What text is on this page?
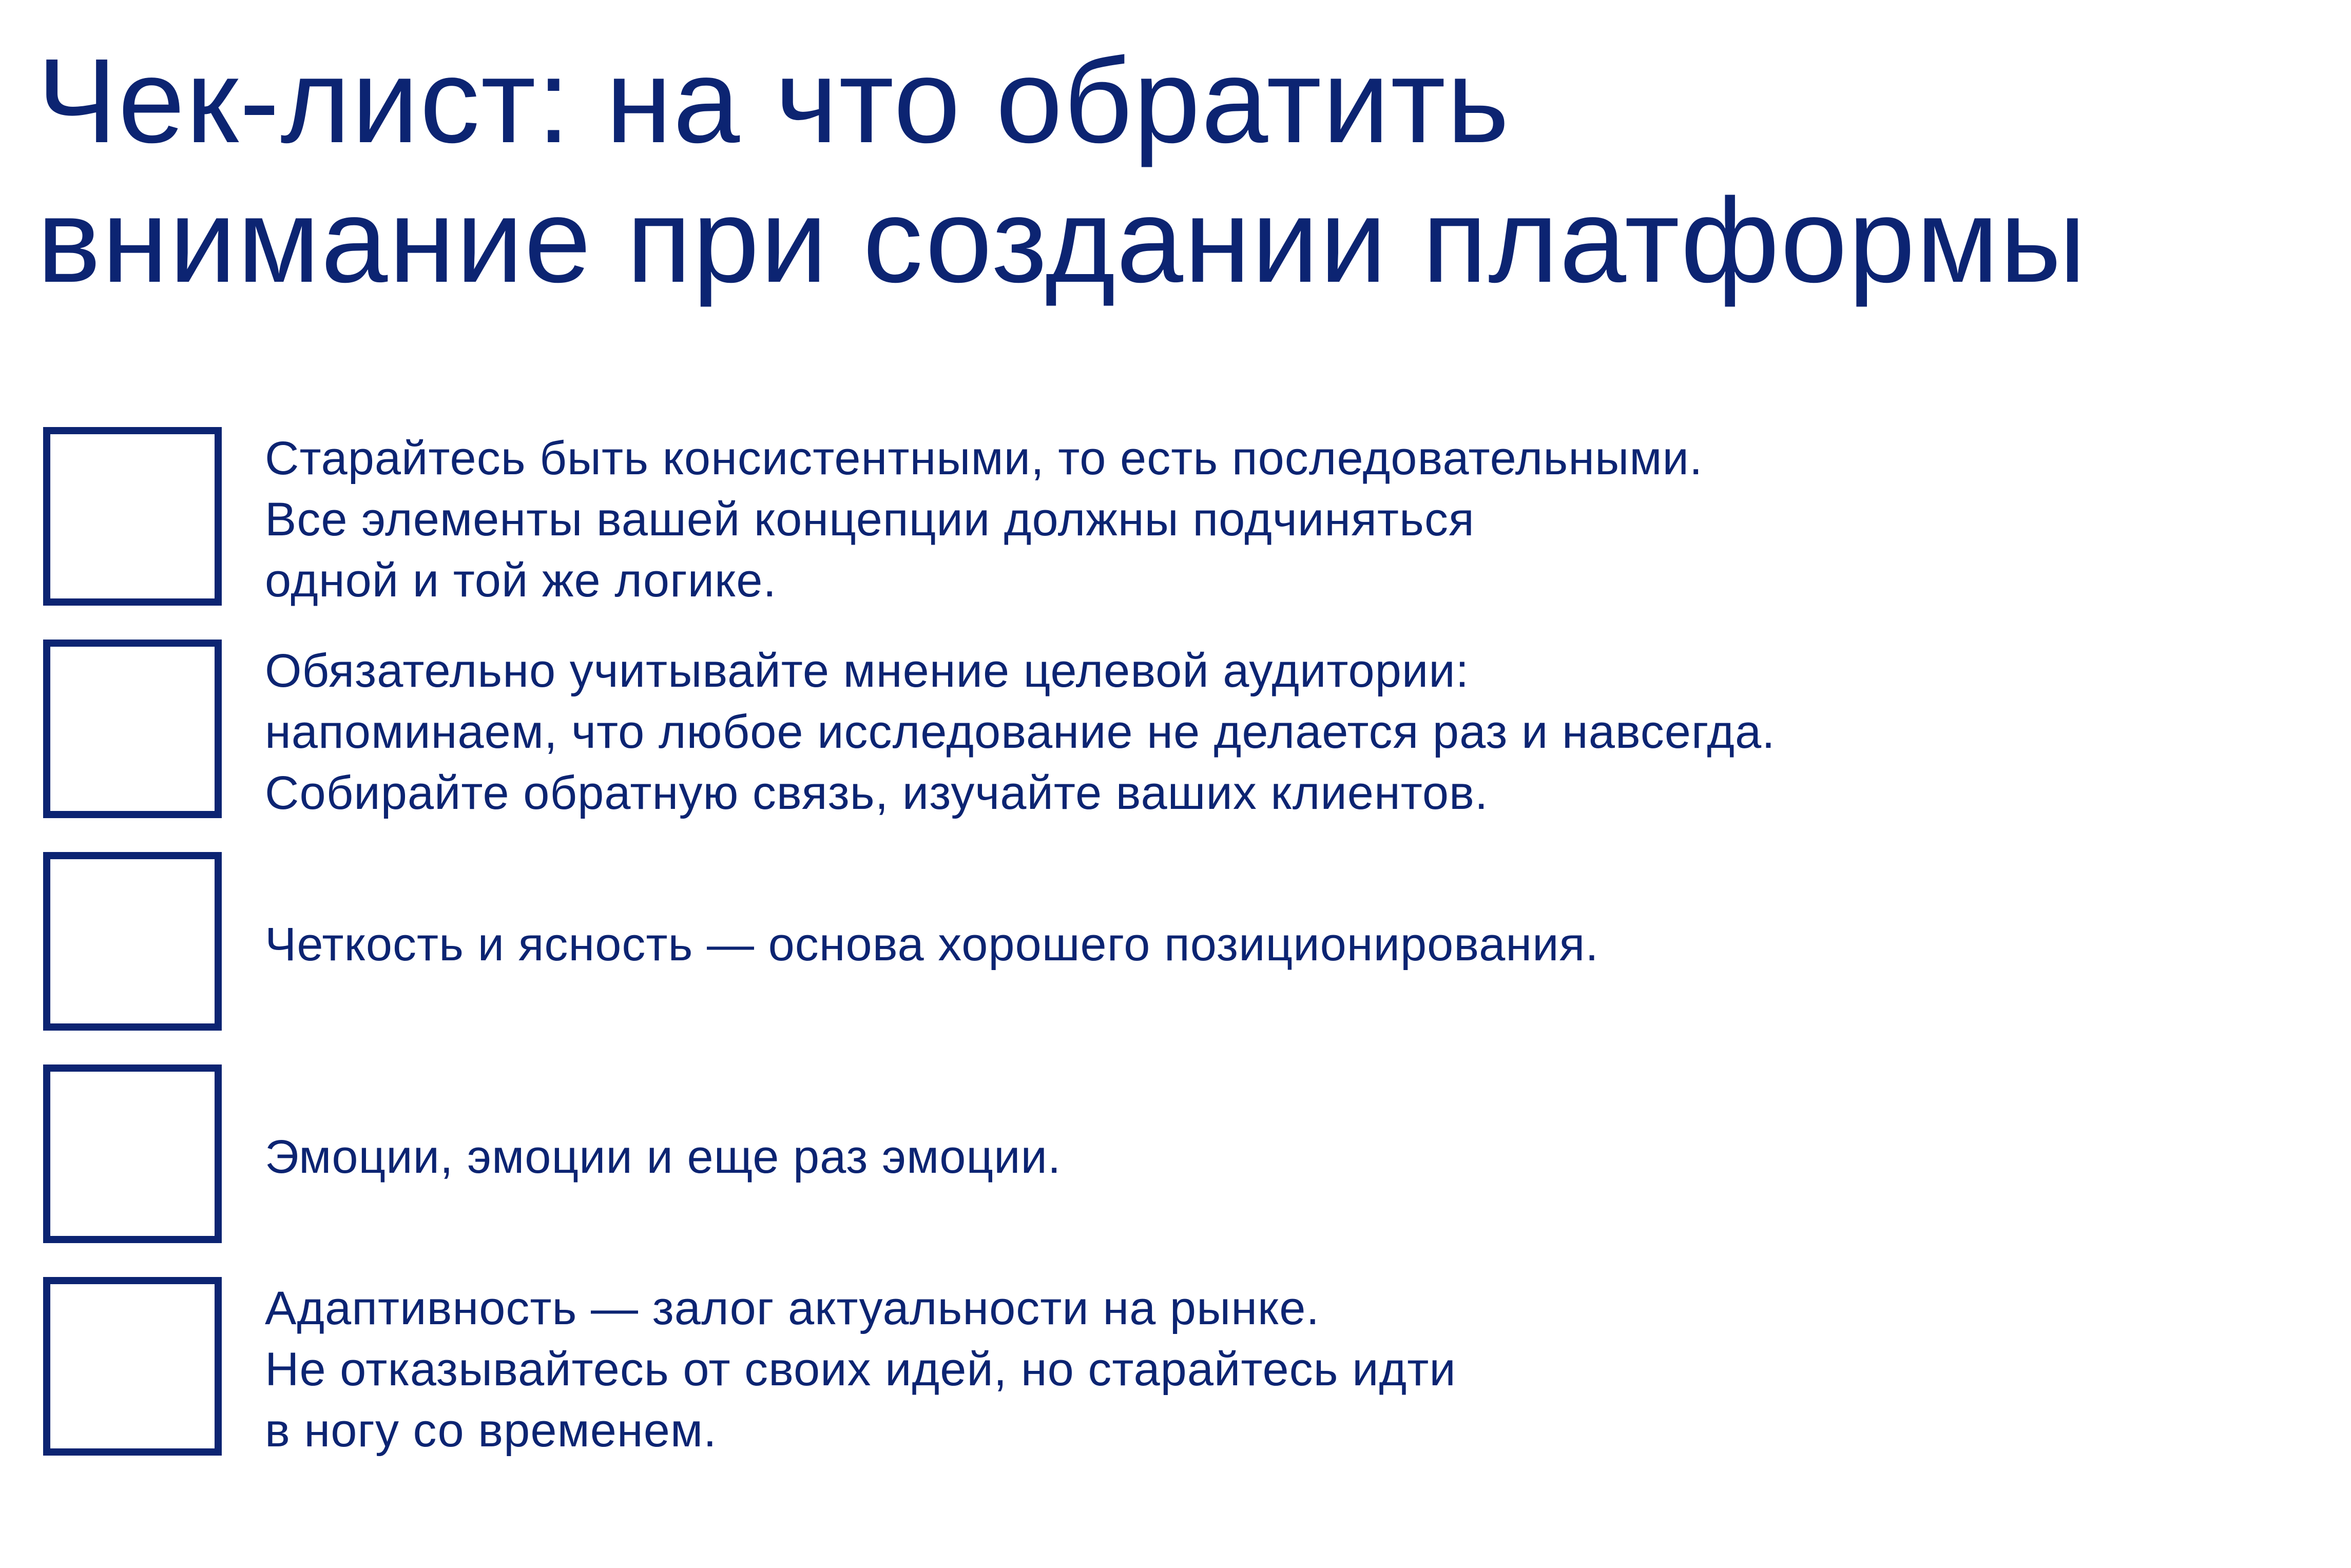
Чек-лист: на что обратить
внимание при создании платформы
Старайтесь быть консистентными, то есть последовательными.
Все элементы вашей концепции должны подчиняться
одной и той же логике.
Обязательно учитывайте мнение целевой аудитории:
напоминаем, что любое исследование не делается раз и навсегда.
Собирайте обратную связь, изучайте ваших клиентов.
Четкость и ясность — основа хорошего позиционирования.
Эмоции, эмоции и еще раз эмоции.
Адаптивность — залог актуальности на рынке.
Не отказывайтесь от своих идей, но старайтесь идти
в ногу со временем.
